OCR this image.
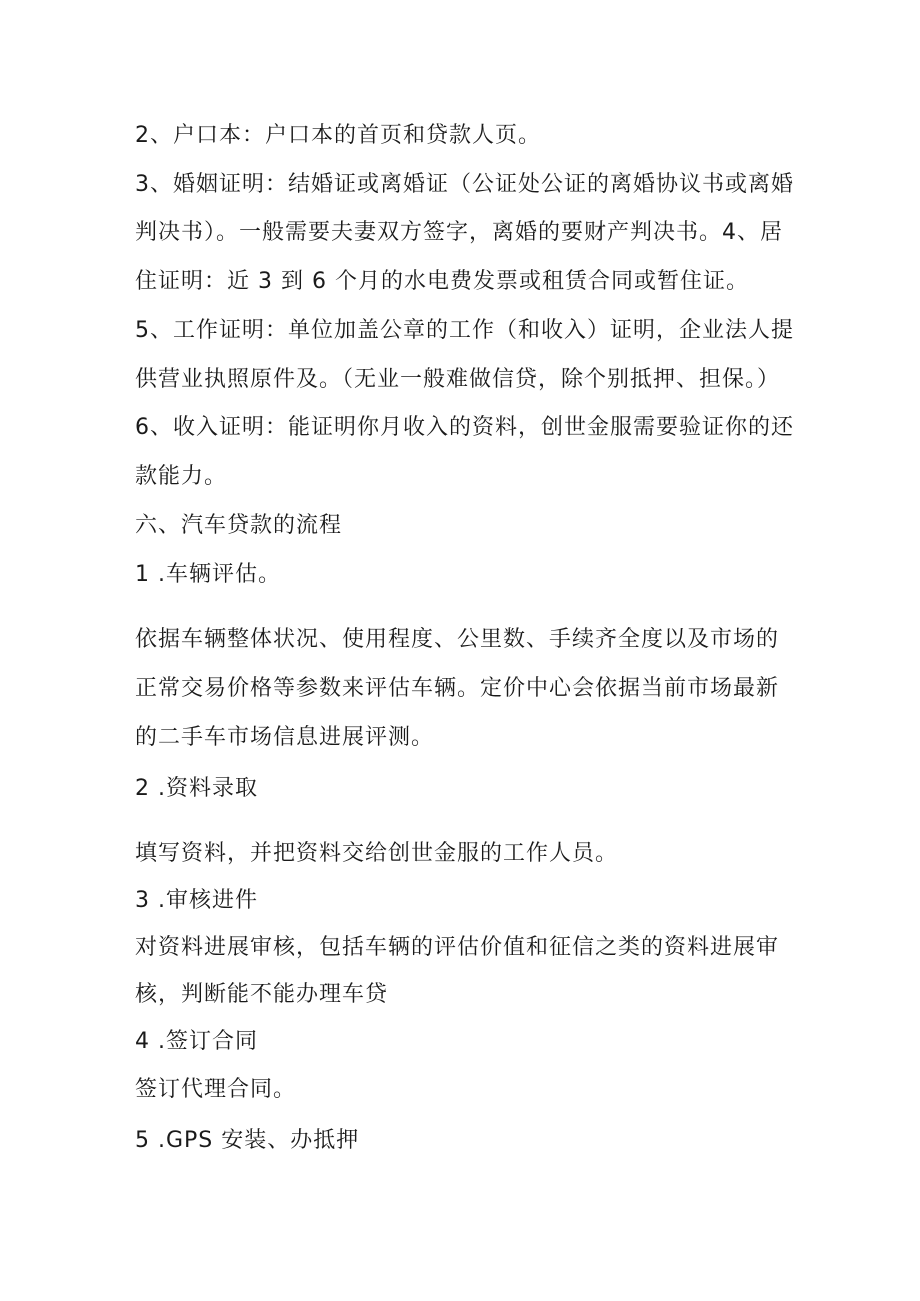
2、户口本：户口本的首页和贷款人页。
3、婚姻证明：结婚证或离婚证（公证处公证的离婚协议书或离婚
判决书）。一般需要夫妻双方签字，离婚的要财产判决书。4、居
住证明：近 3 到 6 个月的水电费发票或租赁合同或暂住证。
5、工作证明：单位加盖公章的工作（和收入）证明，企业法人提
供营业执照原件及。（无业一般难做信贷，除个别抵押、担保。）
6、收入证明：能证明你月收入的资料，创世金服需要验证你的还
款能力。
六、汽车贷款的流程
1 .车辆评估。
依据车辆整体状况、使用程度、公里数、手续齐全度以及市场的
正常交易价格等参数来评估车辆。定价中心会依据当前市场最新
的二手车市场信息进展评测。
2 .资料录取
填写资料，并把资料交给创世金服的工作人员。
3 .审核进件
对资料进展审核，包括车辆的评估价值和征信之类的资料进展审
核，判断能不能办理车贷
4 .签订合同
签订代理合同。
5 .GPS 安装、办抵押
